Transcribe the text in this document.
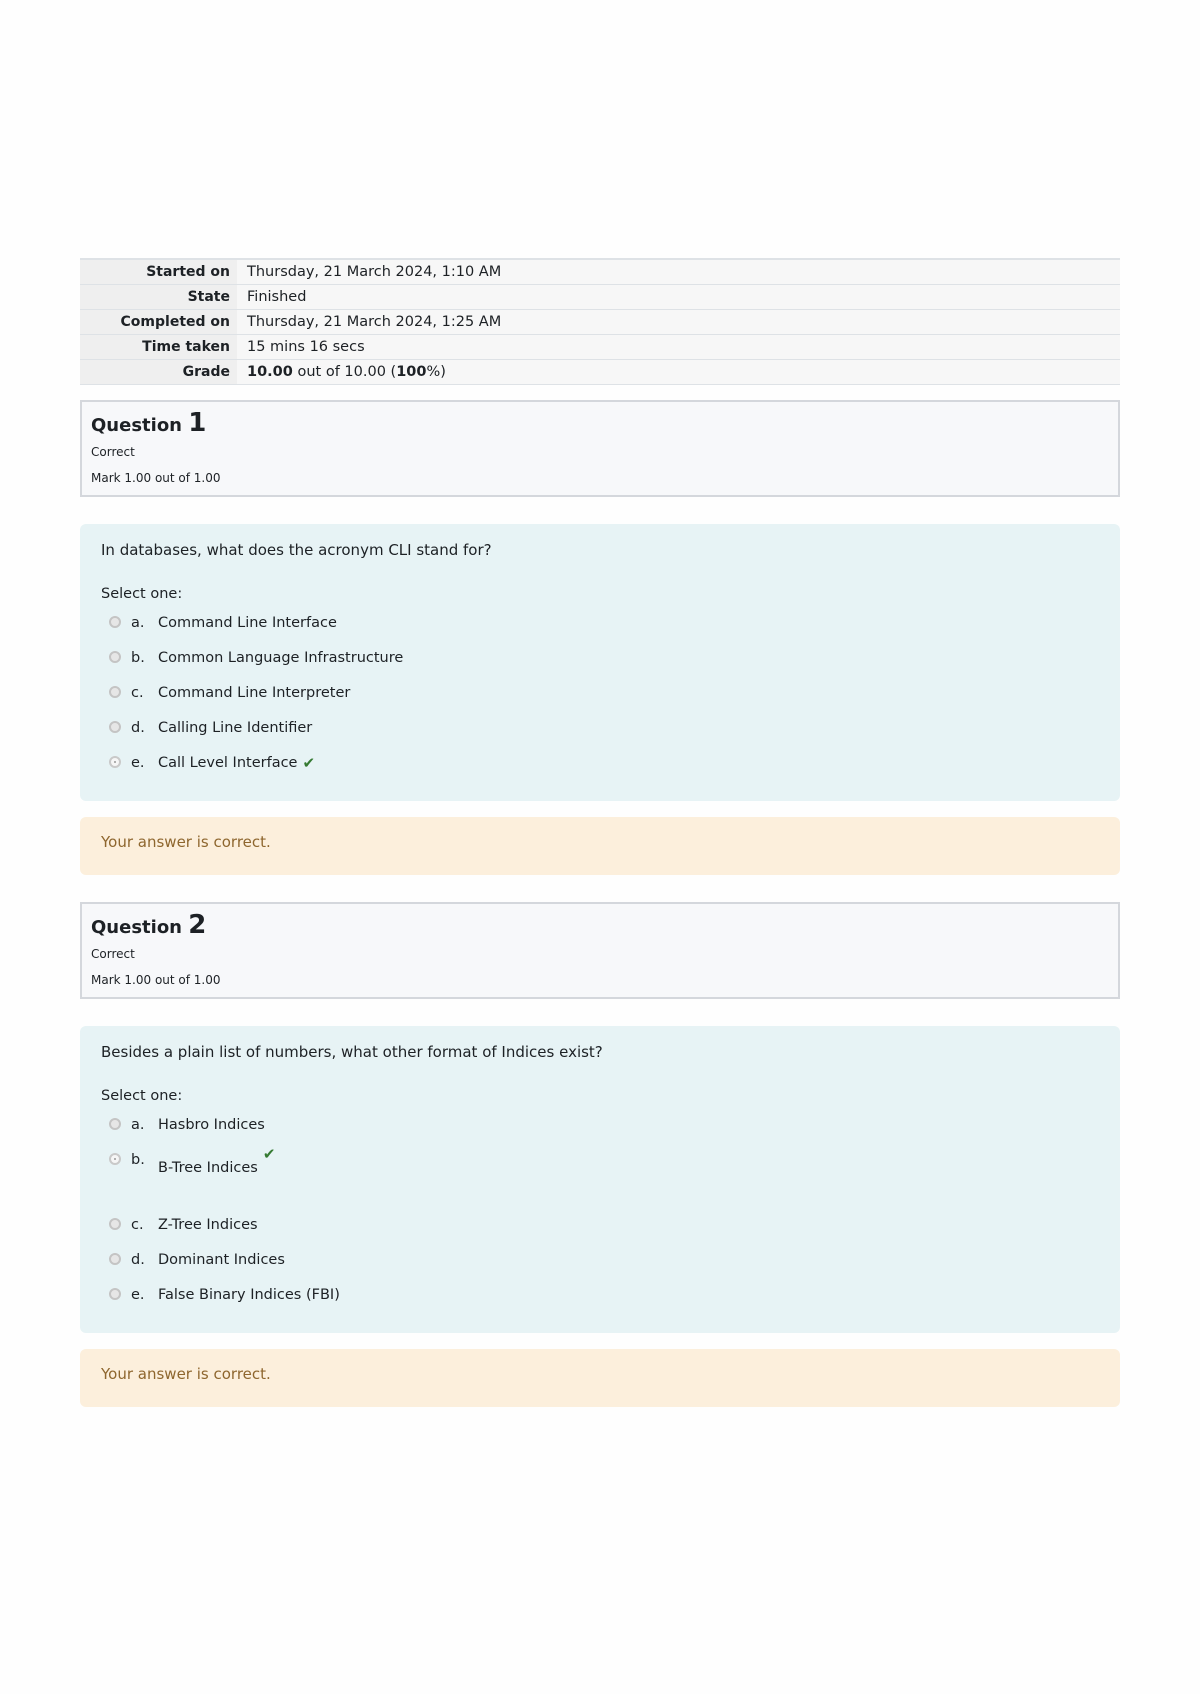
Started on	Thursday, 21 March 2024, 1:10 AM
State	Finished
Completed on	Thursday, 21 March 2024, 1:25 AM
Time taken	15 mins 16 secs
Grade	10.00 out of 10.00 (100%)
Question 1
Correct
Mark 1.00 out of 1.00
In databases, what does the acronym CLI stand for?
Select one:
a. Command Line Interface
b. Common Language Infrastructure
c. Command Line Interpreter
d. Calling Line Identifier
e. Call Level Interface ✔
Your answer is correct.
Question 2
Correct
Mark 1.00 out of 1.00
Besides a plain list of numbers, what other format of Indices exist?
Select one:
a. Hasbro Indices
b. B-Tree Indices
✔
c. Z-Tree Indices
d. Dominant Indices
e. False Binary Indices (FBI)
Your answer is correct.
